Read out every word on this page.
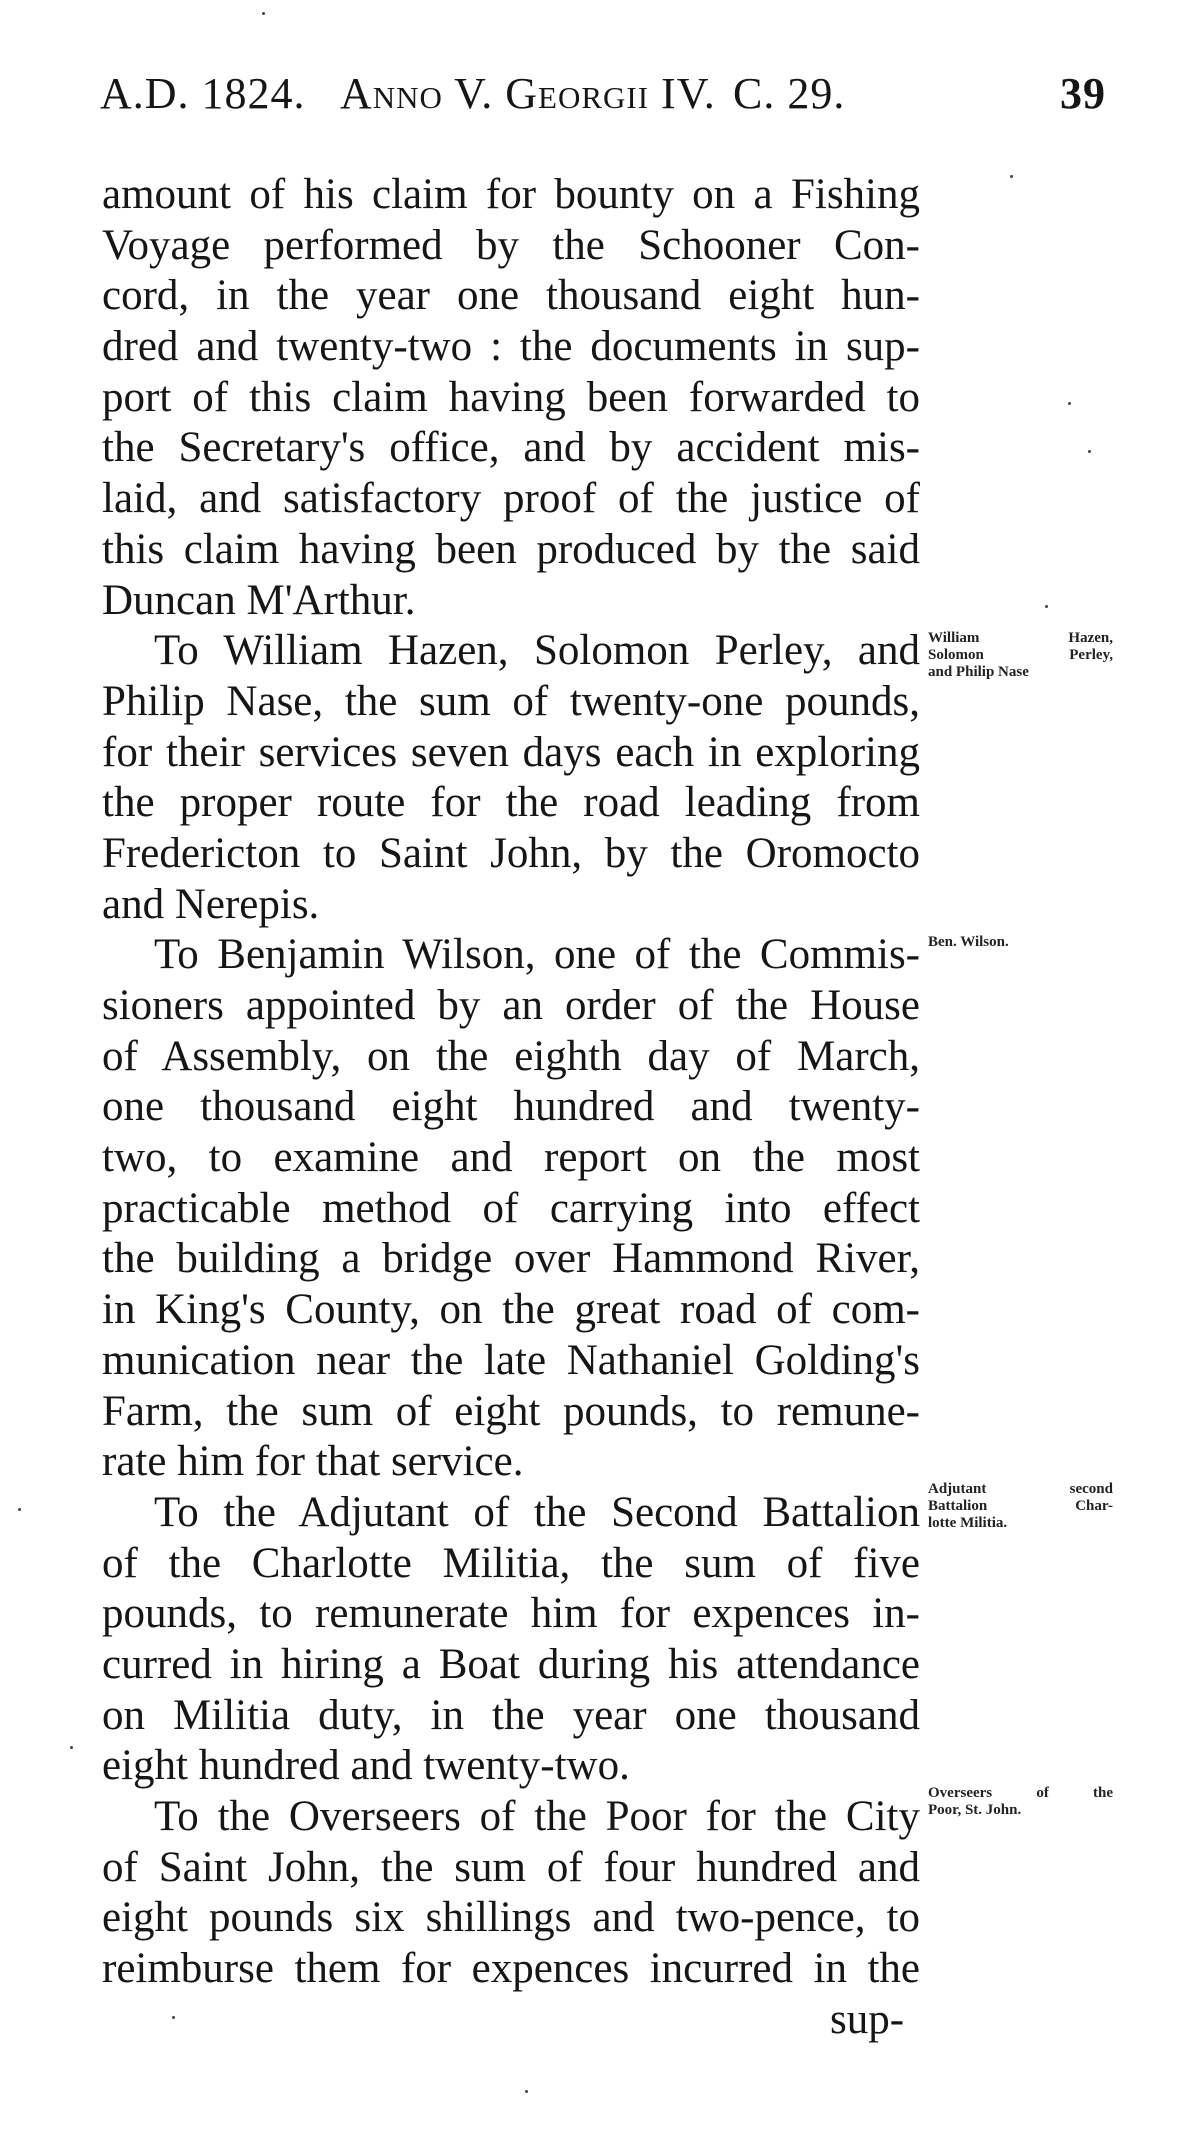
A.D. 1824. Anno V. Georgii IV. C. 29.	39
amount of his claim for bounty on a Fishing
Voyage performed by the Schooner Con-
cord, in the year one thousand eight hun-
dred and twenty-two : the documents in sup-
port of this claim having been forwarded to
the Secretary's office, and by accident mis-
laid, and satisfactory proof of the justice of
this claim having been produced by the said
Duncan M'Arthur.
To William Hazen, Solomon Perley, and
Philip Nase, the sum of twenty-one pounds,
for their services seven days each in exploring
the proper route for the road leading from
Fredericton to Saint John, by the Oromocto
and Nerepis.
To Benjamin Wilson, one of the Commis-
sioners appointed by an order of the House
of Assembly, on the eighth day of March,
one thousand eight hundred and twenty-
two, to examine and report on the most
practicable method of carrying into effect
the building a bridge over Hammond River,
in King's County, on the great road of com-
munication near the late Nathaniel Golding's
Farm, the sum of eight pounds, to remune-
rate him for that service.
To the Adjutant of the Second Battalion
of the Charlotte Militia, the sum of five
pounds, to remunerate him for expences in-
curred in hiring a Boat during his attendance
on Militia duty, in the year one thousand
eight hundred and twenty-two.
To the Overseers of the Poor for the City
of Saint John, the sum of four hundred and
eight pounds six shillings and two-pence, to
reimburse them for expences incurred in the
sup-
William Hazen,
Solomon Perley,
and Philip Nase
Ben. Wilson.
Adjutant second
Battalion Char-
lotte Militia.
Overseers of the
Poor, St. John.
